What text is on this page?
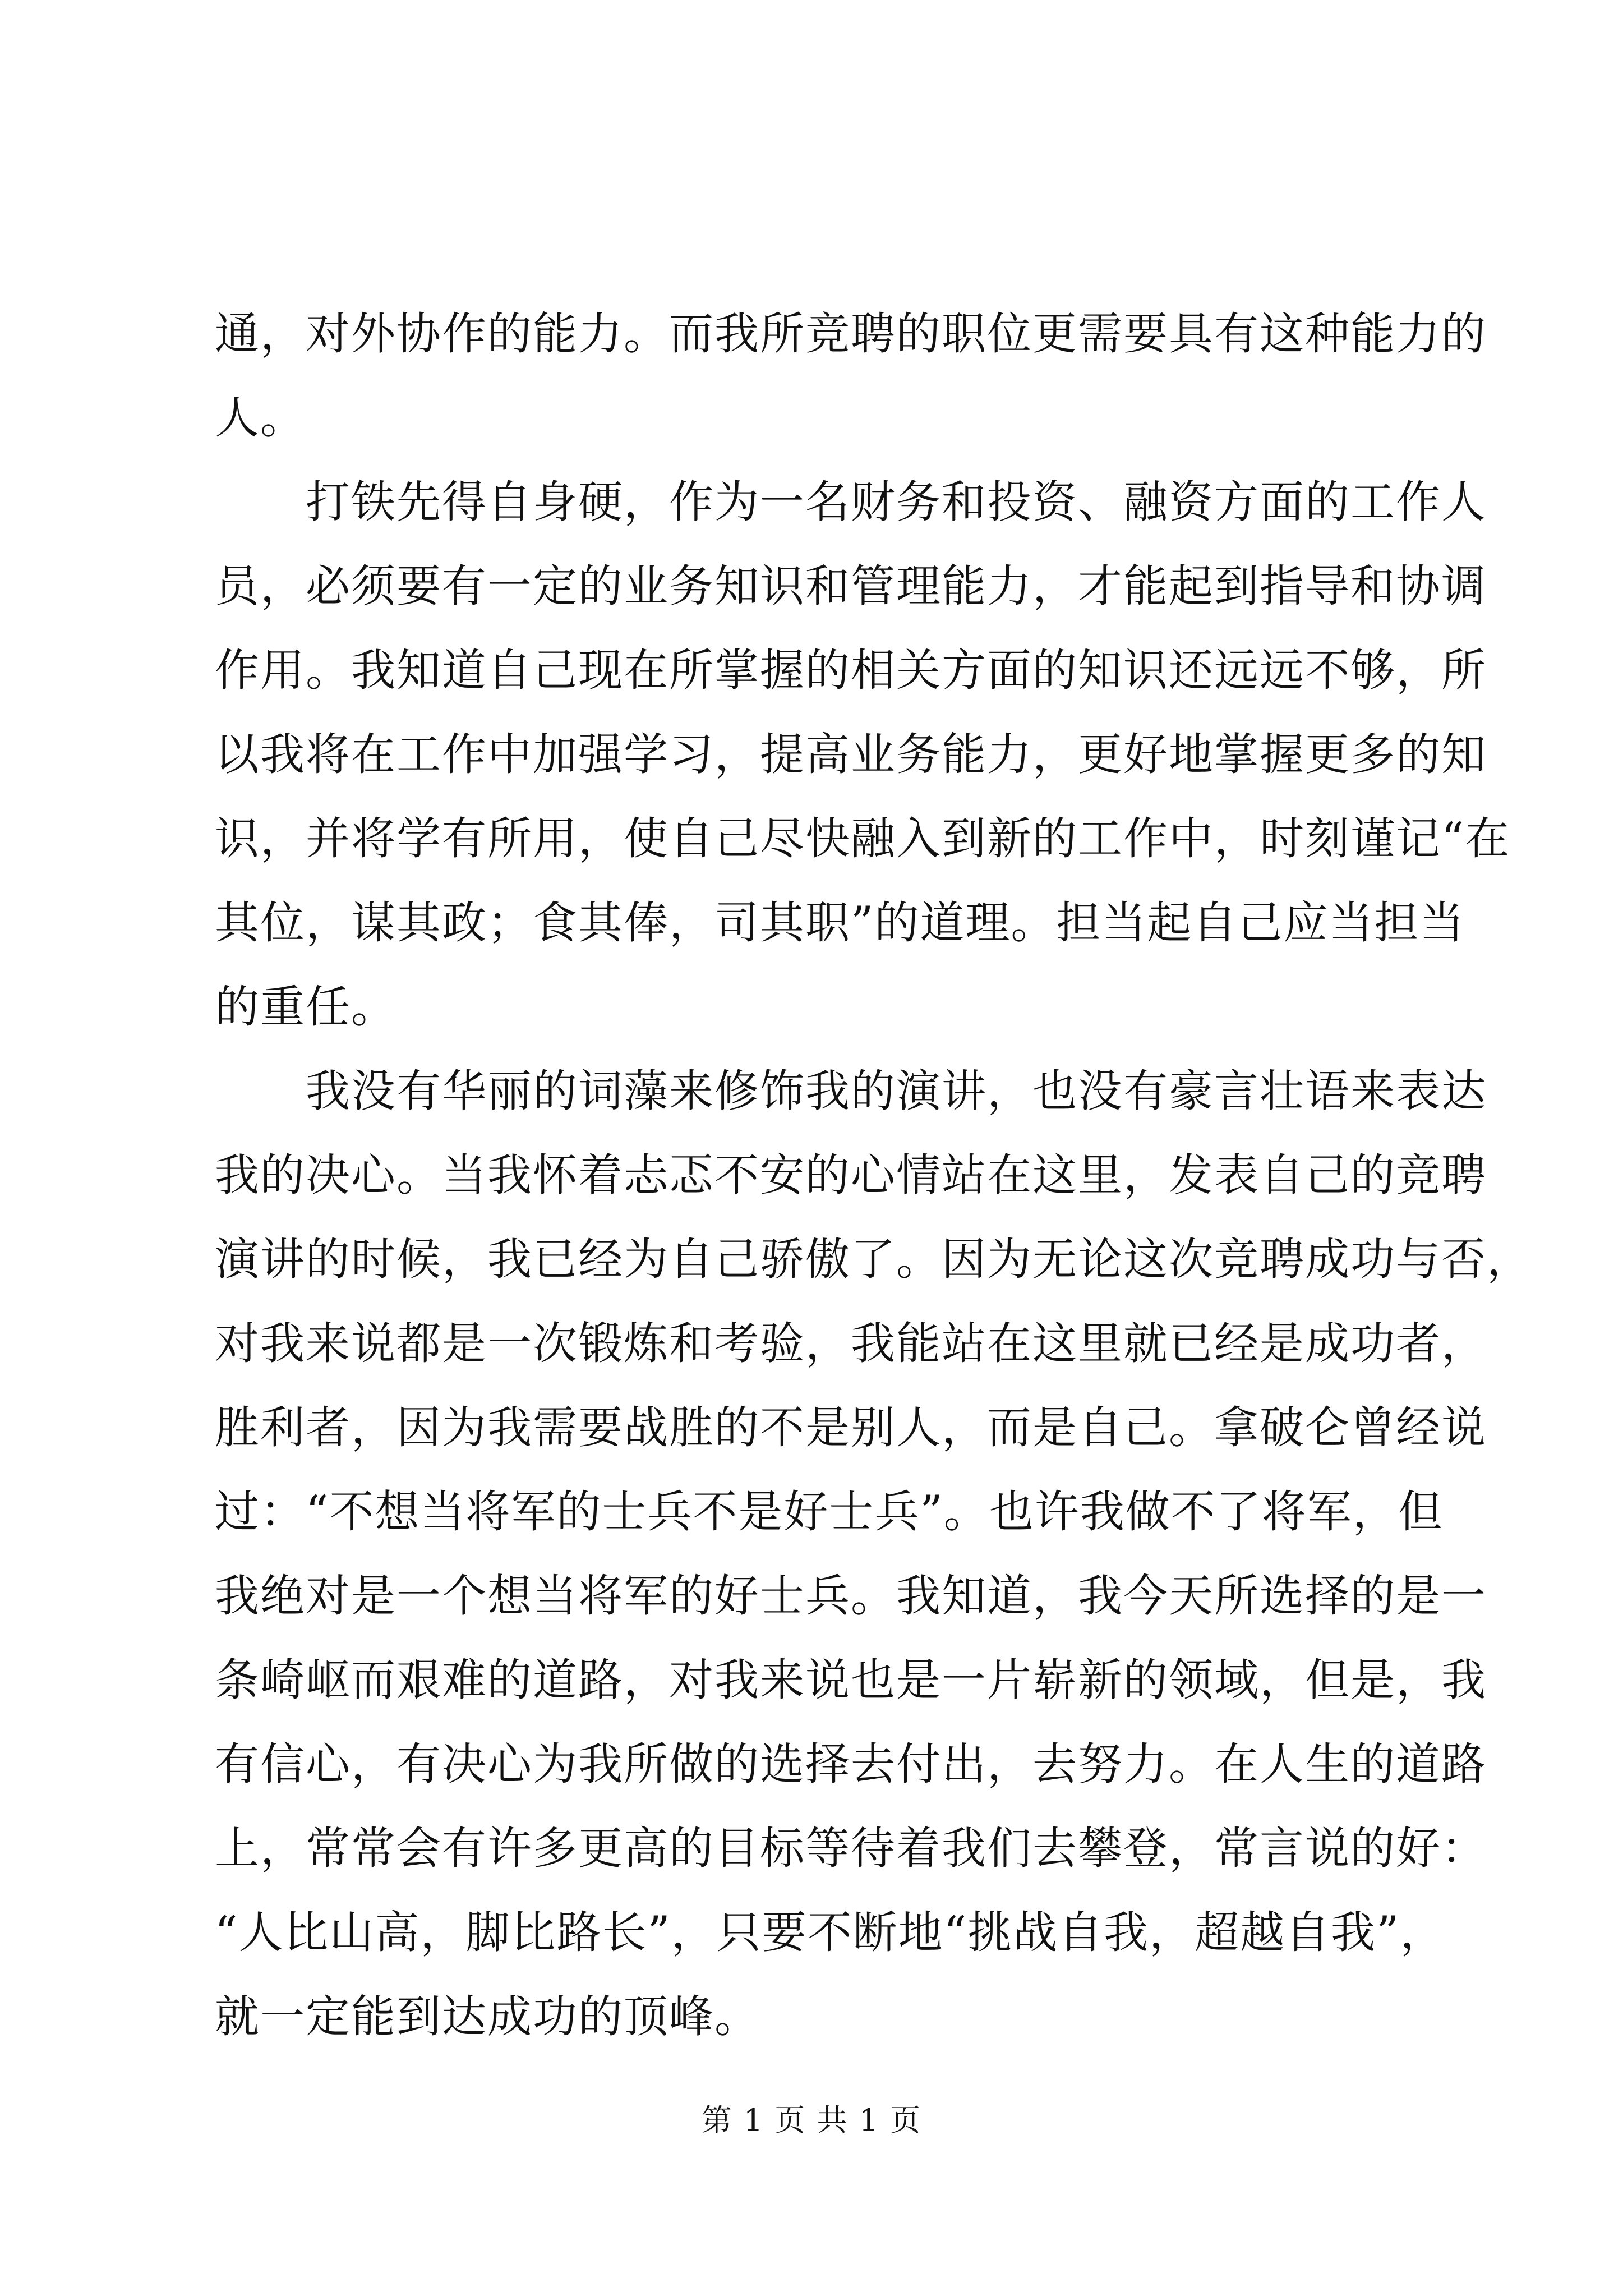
通，对外协作的能力。而我所竞聘的职位更需要具有这种能力的
人。
　　打铁先得自身硬，作为一名财务和投资、融资方面的工作人
员，必须要有一定的业务知识和管理能力，才能起到指导和协调
作用。我知道自己现在所掌握的相关方面的知识还远远不够，所
以我将在工作中加强学习，提高业务能力，更好地掌握更多的知
识，并将学有所用，使自己尽快融入到新的工作中，时刻谨记“在
其位，谋其政；食其俸，司其职”的道理。担当起自己应当担当
的重任。
　　我没有华丽的词藻来修饰我的演讲，也没有豪言壮语来表达
我的决心。当我怀着忐忑不安的心情站在这里，发表自己的竞聘
演讲的时候，我已经为自己骄傲了。因为无论这次竞聘成功与否，
对我来说都是一次锻炼和考验，我能站在这里就已经是成功者，
胜利者，因为我需要战胜的不是别人，而是自己。拿破仑曾经说
过：“不想当将军的士兵不是好士兵”。也许我做不了将军，但
我绝对是一个想当将军的好士兵。我知道，我今天所选择的是一
条崎岖而艰难的道路，对我来说也是一片崭新的领域，但是，我
有信心，有决心为我所做的选择去付出，去努力。在人生的道路
上，常常会有许多更高的目标等待着我们去攀登，常言说的好：
“人比山高，脚比路长”，只要不断地“挑战自我，超越自我”，
就一定能到达成功的顶峰。
第 1 页 共 1 页
